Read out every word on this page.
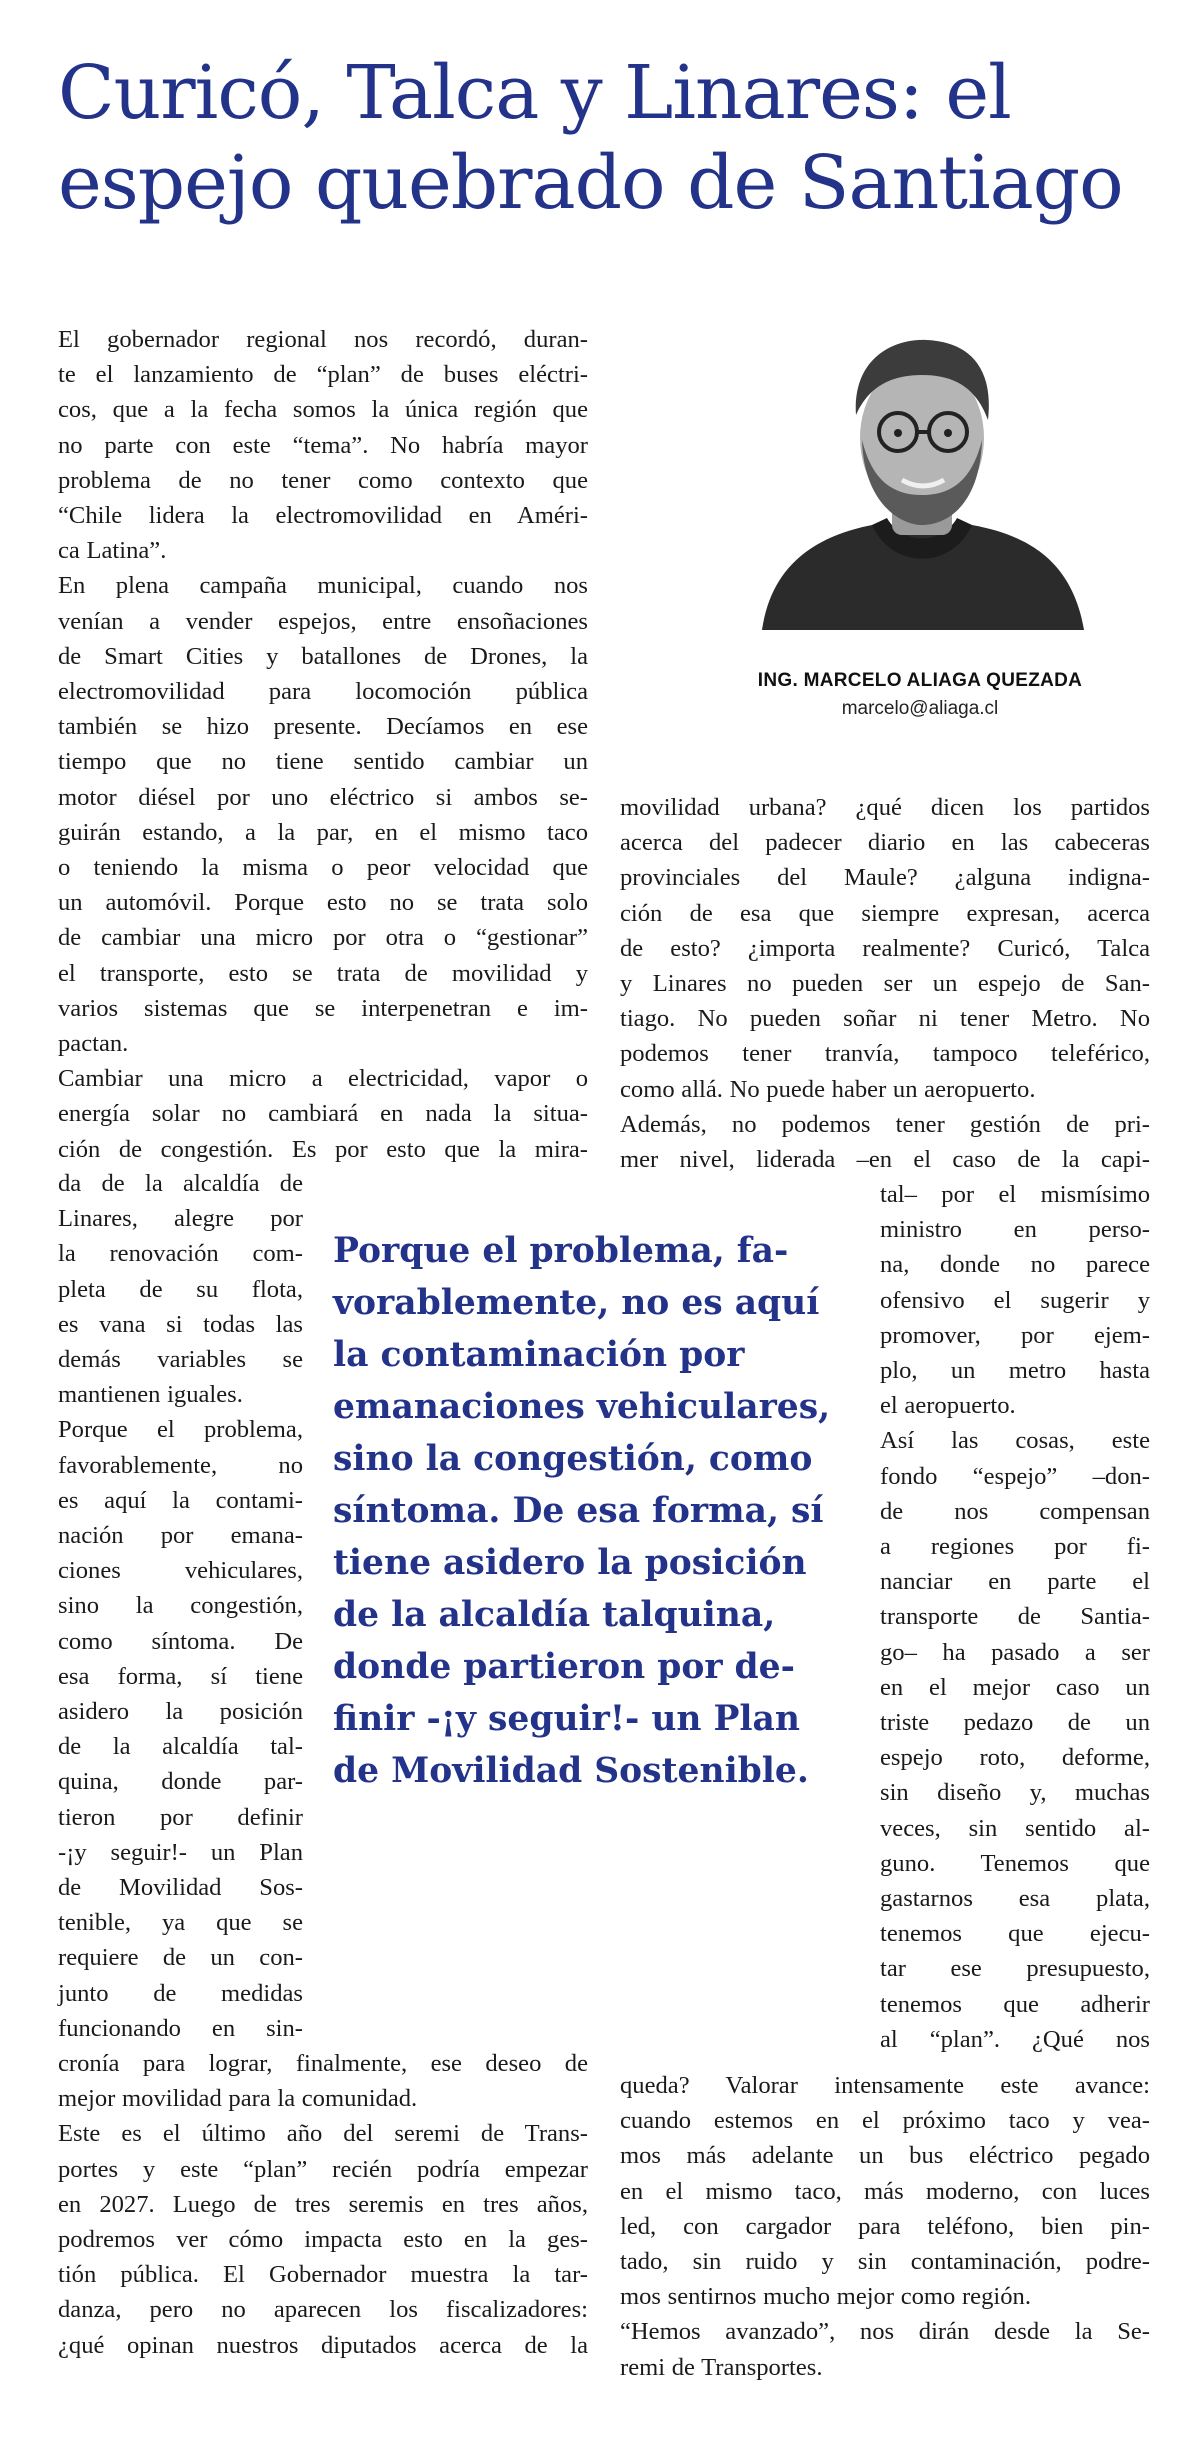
Curicó, Talca y Linares: el
espejo quebrado de Santiago
El gobernador regional nos recordó, duran-
te el lanzamiento de “plan” de buses eléctri-
cos, que a la fecha somos la única región que
no parte con este “tema”. No habría mayor
problema de no tener como contexto que
“Chile lidera la electromovilidad en Améri-
ca Latina”.
En plena campaña municipal, cuando nos
venían a vender espejos, entre ensoñaciones
de Smart Cities y batallones de Drones, la
electromovilidad para locomoción pública
también se hizo presente. Decíamos en ese
tiempo que no tiene sentido cambiar un
motor diésel por uno eléctrico si ambos se-
guirán estando, a la par, en el mismo taco
o teniendo la misma o peor velocidad que
un automóvil. Porque esto no se trata solo
de cambiar una micro por otra o “gestionar”
el transporte, esto se trata de movilidad y
varios sistemas que se interpenetran e im-
pactan.
Cambiar una micro a electricidad, vapor o
energía solar no cambiará en nada la situa-
ción de congestión. Es por esto que la mira-
da de la alcaldía de
Linares, alegre por
la renovación com-
pleta de su flota,
es vana si todas las
demás variables se
mantienen iguales.
Porque el problema,
favorablemente, no
es aquí la contami-
nación por emana-
ciones vehiculares,
sino la congestión,
como síntoma. De
esa forma, sí tiene
asidero la posición
de la alcaldía tal-
quina, donde par-
tieron por definir
-¡y seguir!- un Plan
de Movilidad Sos-
tenible, ya que se
requiere de un con-
junto de medidas
funcionando en sin-
cronía para lograr, finalmente, ese deseo de
mejor movilidad para la comunidad.
Este es el último año del seremi de Trans-
portes y este “plan” recién podría empezar
en 2027. Luego de tres seremis en tres años,
podremos ver cómo impacta esto en la ges-
tión pública. El Gobernador muestra la tar-
danza, pero no aparecen los fiscalizadores:
¿qué opinan nuestros diputados acerca de la
movilidad urbana? ¿qué dicen los partidos
acerca del padecer diario en las cabeceras
provinciales del Maule? ¿alguna indigna-
ción de esa que siempre expresan, acerca
de esto? ¿importa realmente? Curicó, Talca
y Linares no pueden ser un espejo de San-
tiago. No pueden soñar ni tener Metro. No
podemos tener tranvía, tampoco teleférico,
como allá. No puede haber un aeropuerto.
Además, no podemos tener gestión de pri-
mer nivel, liderada –en el caso de la capi-
tal– por el mismísimo
ministro en perso-
na, donde no parece
ofensivo el sugerir y
promover, por ejem-
plo, un metro hasta
el aeropuerto.
Así las cosas, este
fondo “espejo” –don-
de nos compensan
a regiones por fi-
nanciar en parte el
transporte de Santia-
go– ha pasado a ser
en el mejor caso un
triste pedazo de un
espejo roto, deforme,
sin diseño y, muchas
veces, sin sentido al-
guno. Tenemos que
gastarnos esa plata,
tenemos que ejecu-
tar ese presupuesto,
tenemos que adherir
al “plan”. ¿Qué nos
queda? Valorar intensamente este avance:
cuando estemos en el próximo taco y vea-
mos más adelante un bus eléctrico pegado
en el mismo taco, más moderno, con luces
led, con cargador para teléfono, bien pin-
tado, sin ruido y sin contaminación, podre-
mos sentirnos mucho mejor como región.
“Hemos avanzado”, nos dirán desde la Se-
remi de Transportes.
ING. MARCELO ALIAGA QUEZADA
marcelo@aliaga.cl
Porque el problema, fa-
vorablemente, no es aquí
la contaminación por
emanaciones vehiculares,
sino la congestión, como
síntoma. De esa forma, sí
tiene asidero la posición
de la alcaldía talquina,
donde partieron por de-
finir -¡y seguir!- un Plan
de Movilidad Sostenible.
